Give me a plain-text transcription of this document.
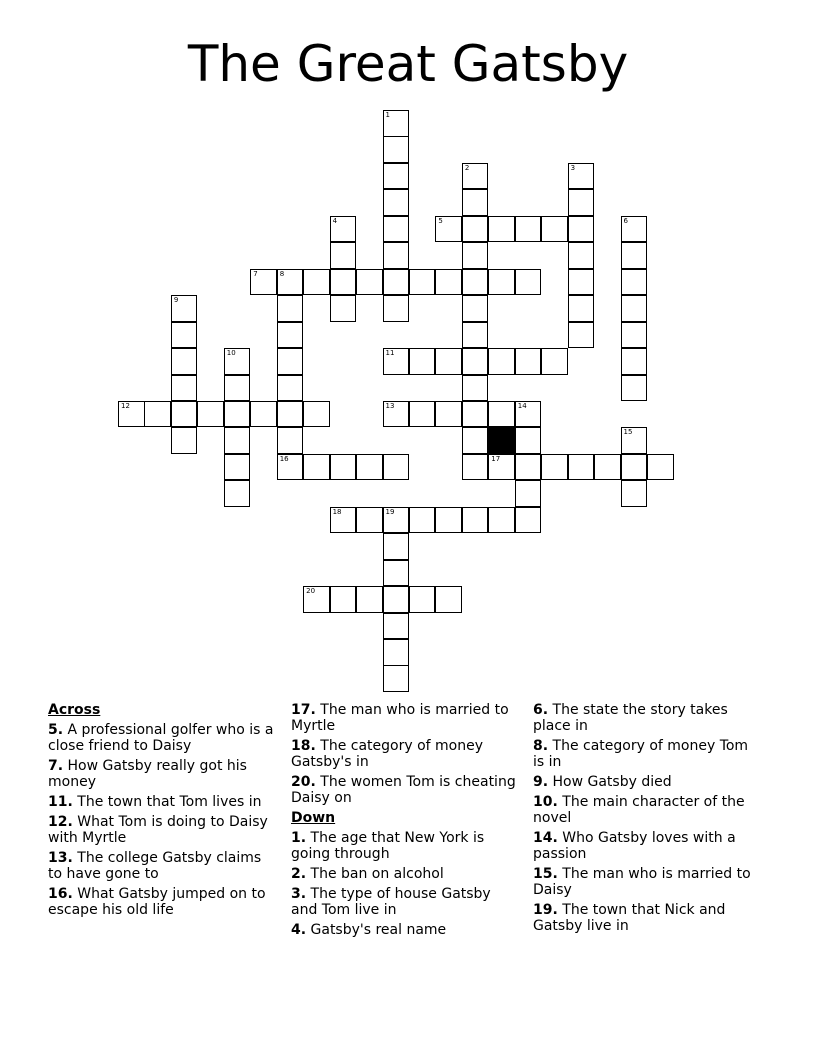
The Great Gatsby
1
2	3
4	5	6
7	8
16
9
10	11
12	13	14
15
17
18	19
20
Across
5. A professional golfer who is a close friend to Daisy
7. How Gatsby really got his money
11. The town that Tom lives in
12. What Tom is doing to Daisy with Myrtle
13. The college Gatsby claims to have gone to
16. What Gatsby jumped on to escape his old life
17. The man who is married to Myrtle
18. The category of money Gatsby's in
20. The women Tom is cheating Daisy on
Down
1. The age that New York is going through
2. The ban on alcohol
3. The type of house Gatsby and Tom live in
4. Gatsby's real name
6. The state the story takes place in
8. The category of money Tom is in
9. How Gatsby died
10. The main character of the novel
14. Who Gatsby loves with a passion
15. The man who is married to Daisy
19. The town that Nick and Gatsby live in
